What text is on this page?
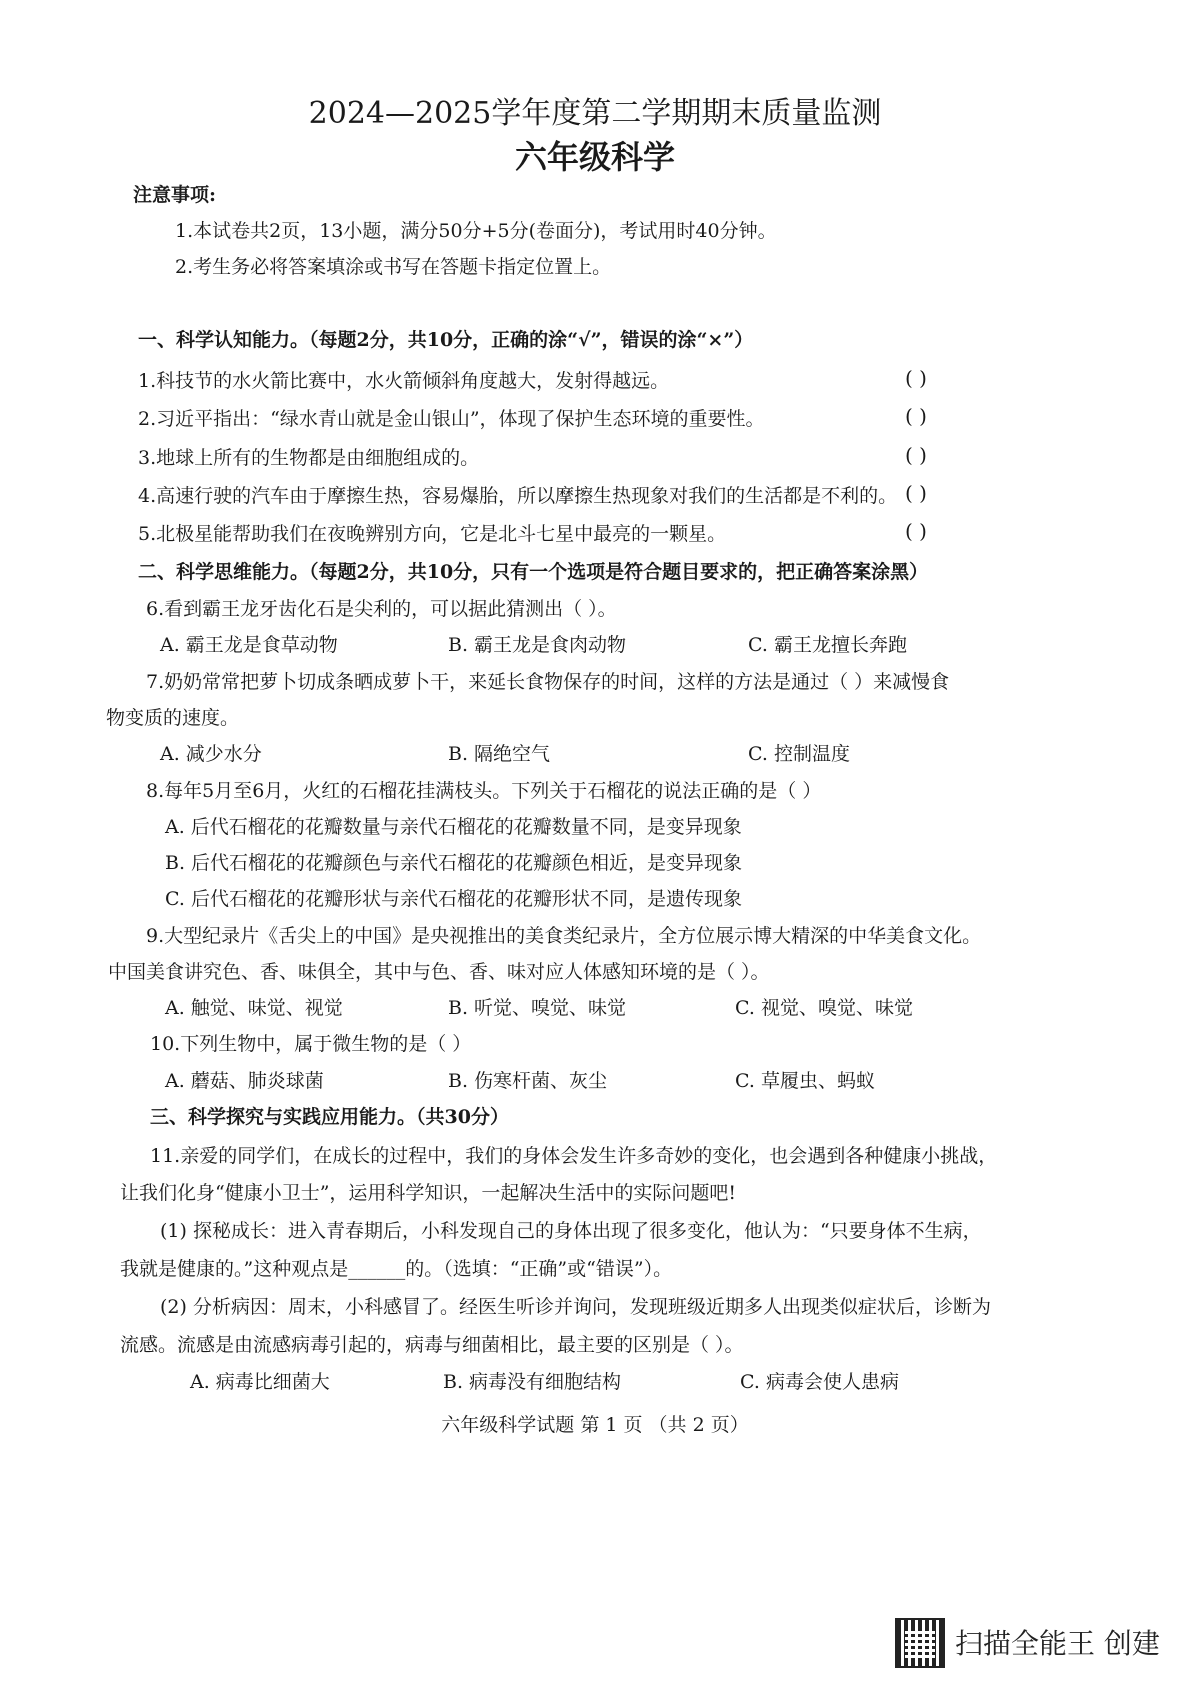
2024—2025学年度第二学期期末质量监测
六年级科学
注意事项:
1.本试卷共2页，13小题，满分50分+5分(卷面分)，考试用时40分钟。
2.考生务必将答案填涂或书写在答题卡指定位置上。
一、科学认知能力。（每题2分，共10分，正确的涂“√”，错误的涂“×”）
1.科技节的水火箭比赛中，水火箭倾斜角度越大，发射得越远。	( )
2.习近平指出：“绿水青山就是金山银山”，体现了保护生态环境的重要性。	( )
3.地球上所有的生物都是由细胞组成的。	( )
4.高速行驶的汽车由于摩擦生热，容易爆胎，所以摩擦生热现象对我们的生活都是不利的。 ( )
5.北极星能帮助我们在夜晚辨别方向，它是北斗七星中最亮的一颗星。	( )
二、科学思维能力。（每题2分，共10分，只有一个选项是符合题目要求的，把正确答案涂黑）
6.看到霸王龙牙齿化石是尖利的，可以据此猜测出（ ）。
A. 霸王龙是食草动物	B. 霸王龙是食肉动物	C. 霸王龙擅长奔跑
7.奶奶常常把萝卜切成条晒成萝卜干，来延长食物保存的时间，这样的方法是通过（ ）来减慢食
物变质的速度。
A. 减少水分	B. 隔绝空气	C. 控制温度
8.每年5月至6月，火红的石榴花挂满枝头。下列关于石榴花的说法正确的是（ ）
A. 后代石榴花的花瓣数量与亲代石榴花的花瓣数量不同，是变异现象
B. 后代石榴花的花瓣颜色与亲代石榴花的花瓣颜色相近，是变异现象
C. 后代石榴花的花瓣形状与亲代石榴花的花瓣形状不同，是遗传现象
9.大型纪录片《舌尖上的中国》是央视推出的美食类纪录片，全方位展示博大精深的中华美食文化。
中国美食讲究色、香、味俱全，其中与色、香、味对应人体感知环境的是（ ）。
A. 触觉、味觉、视觉	B. 听觉、嗅觉、味觉	C. 视觉、嗅觉、味觉
10.下列生物中，属于微生物的是（ ）
A. 蘑菇、肺炎球菌	B. 伤寒杆菌、灰尘	C. 草履虫、蚂蚁
三、科学探究与实践应用能力。（共30分）
11.亲爱的同学们，在成长的过程中，我们的身体会发生许多奇妙的变化，也会遇到各种健康小挑战，
让我们化身“健康小卫士”，运用科学知识，一起解决生活中的实际问题吧!
(1) 探秘成长：进入青春期后，小科发现自己的身体出现了很多变化，他认为：“只要身体不生病，
我就是健康的。”这种观点是______的。（选填：“正确”或“错误”）。
(2) 分析病因：周末，小科感冒了。经医生听诊并询问，发现班级近期多人出现类似症状后，诊断为
流感。流感是由流感病毒引起的，病毒与细菌相比，最主要的区别是（ ）。
A. 病毒比细菌大	B. 病毒没有细胞结构	C. 病毒会使人患病
六年级科学试题 第 1 页 （共 2 页）
扫描全能王 创建
